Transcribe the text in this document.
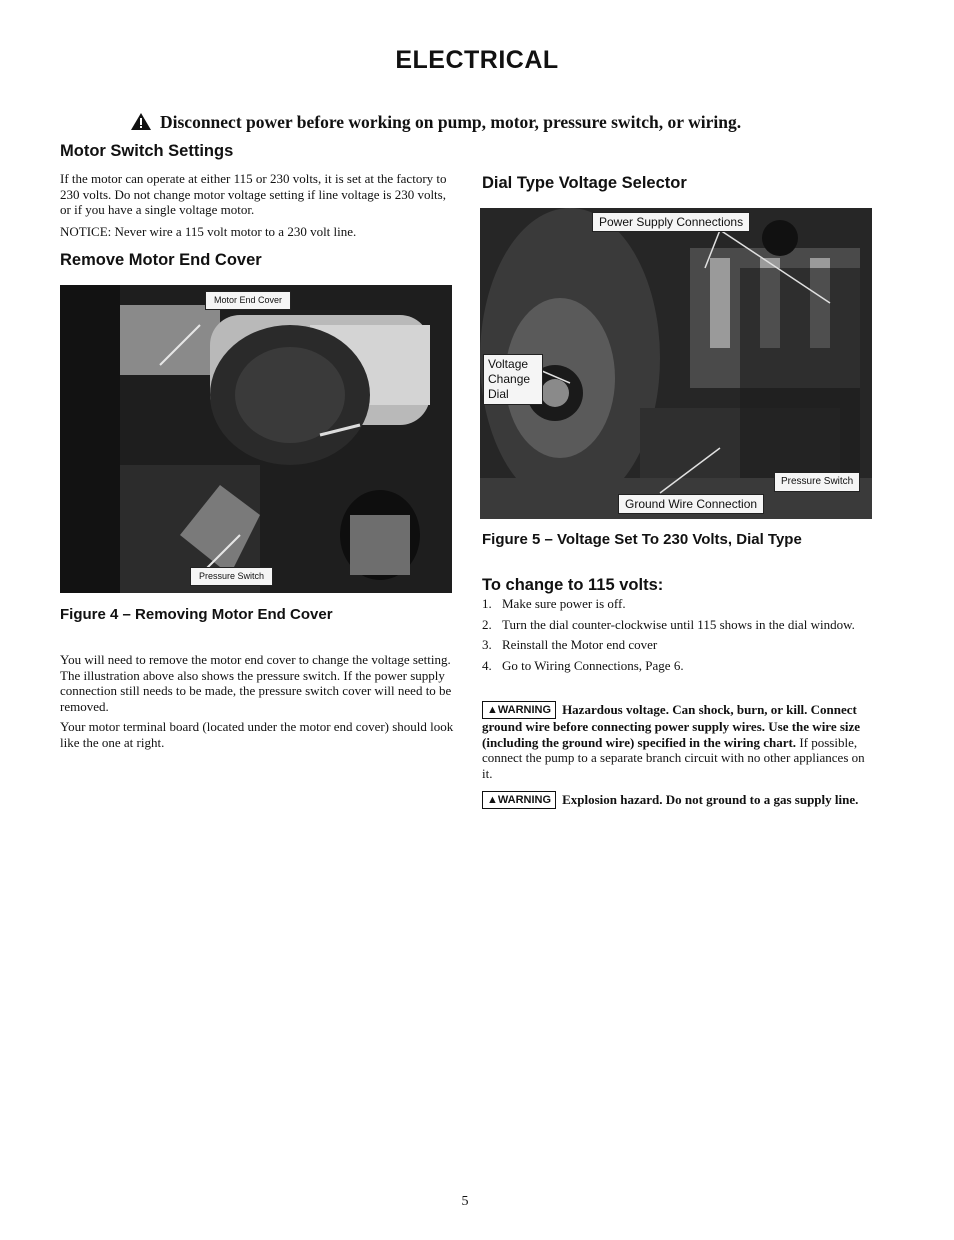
ELECTRICAL
Disconnect power before working on pump, motor, pressure switch, or wiring.
Motor Switch Settings
If the motor can operate at either 115 or 230 volts, it is set at the factory to 230 volts. Do not change motor voltage setting if line voltage is 230 volts, or if you have a single voltage motor.
NOTICE: Never wire a 115 volt motor to a 230 volt line.
Remove Motor End Cover
Motor End Cover
Pressure Switch
Figure 4 – Removing Motor End Cover
You will need to remove the motor end cover to change the voltage setting. The illustration above also shows the pressure switch. If the power supply connection still needs to be made, the pressure switch cover will need to be removed.
Your motor terminal board (located under the motor end cover) should look like the one at right.
Dial Type Voltage Selector
Power Supply Connections
Voltage
Change
Dial
Pressure Switch
Ground Wire Connection
Figure 5 – Voltage Set To 230 Volts, Dial Type
To change to 115 volts:
1. Make sure power is off.
2. Turn the dial counter-clockwise until 115 shows in the dial window.
3. Reinstall the Motor end cover
4. Go to Wiring Connections, Page 6.
▲WARNING Hazardous voltage. Can shock, burn, or kill. Connect ground wire before connecting power supply wires. Use the wire size (including the ground wire) specified in the wiring chart. If possible, connect the pump to a separate branch circuit with no other appliances on it.
▲WARNING Explosion hazard. Do not ground to a gas supply line.
5
